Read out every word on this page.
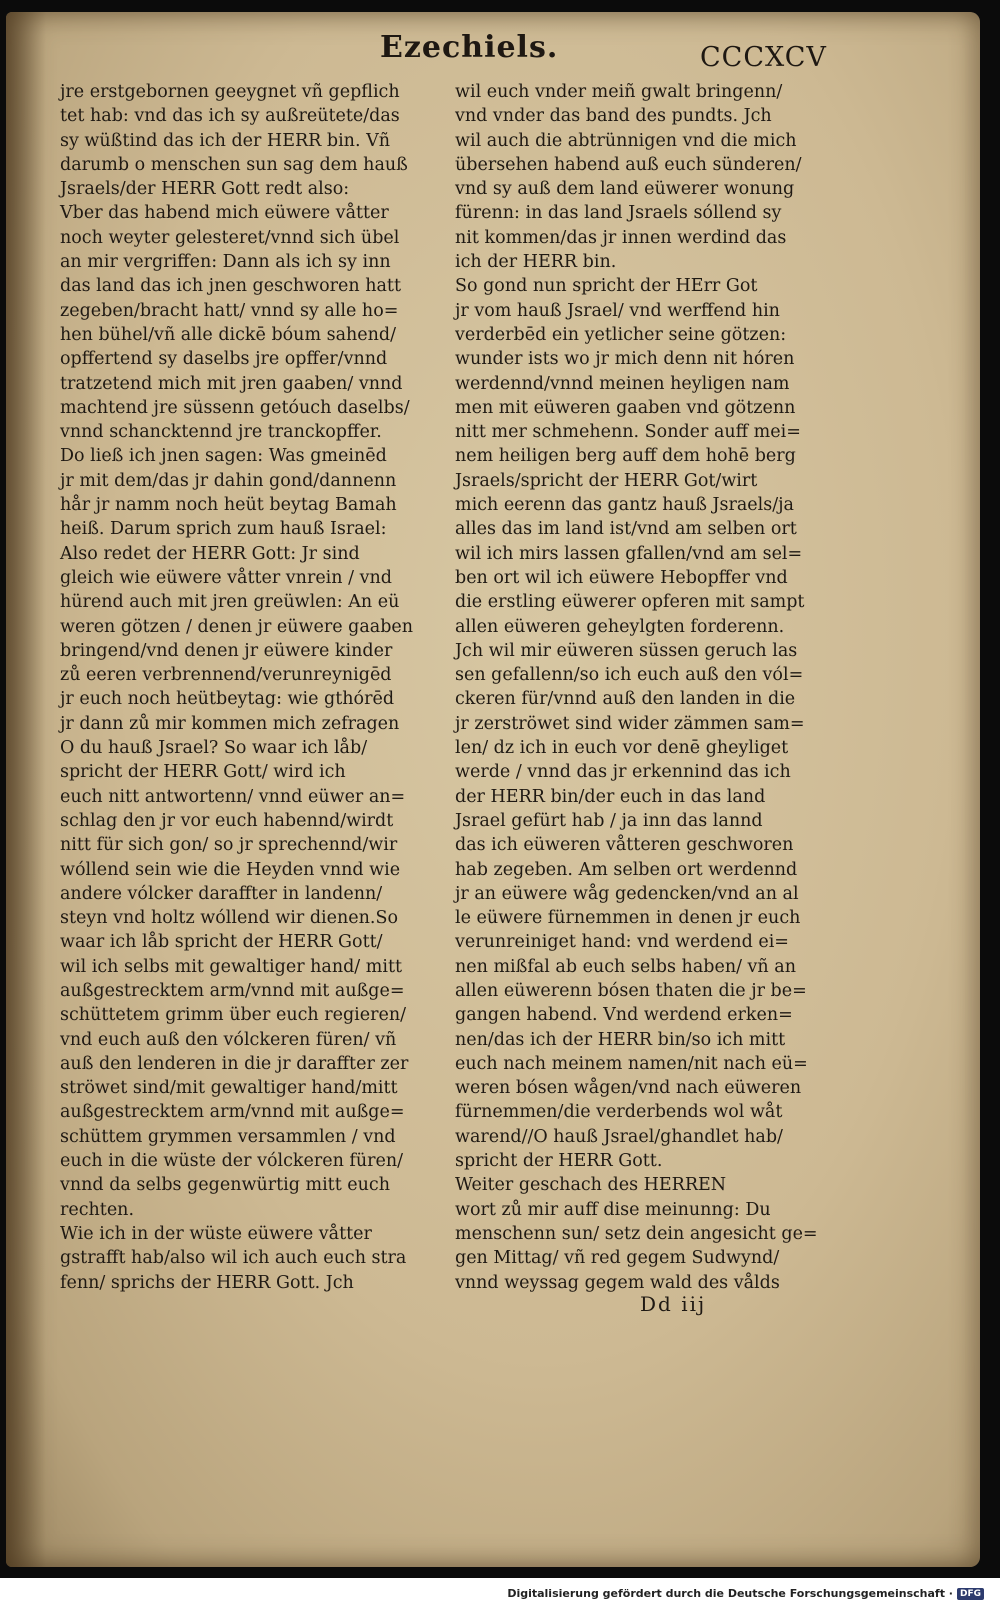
Ezechiels.	CCCXCV
jre erstgebornen geeygnet vñ gepflich
tet hab: vnd das ich sy außreütete/das
sy wüßtind das ich der HERR bin. Vñ
darumb o menschen sun sag dem hauß
Jsraels/der HERR Gott redt also:
Vber das habend mich eüwere våtter
noch weyter gelesteret/vnnd sich übel
an mir vergriffen: Dann als ich sy inn
das land das ich jnen geschworen hatt
zegeben/bracht hatt/ vnnd sy alle ho=
hen bühel/vñ alle dickē bóum sahend/
opffertend sy daselbs jre opffer/vnnd
tratzetend mich mit jren gaaben/ vnnd
machtend jre süssenn getóuch daselbs/
vnnd schancktennd jre tranckopffer.
Do ließ ich jnen sagen: Was gmeinēd
jr mit dem/das jr dahin gond/dannenn
hår jr namm noch heüt beytag Bamah
heiß. Darum sprich zum hauß Israel:
Also redet der HERR Gott: Jr sind
gleich wie eüwere våtter vnrein / vnd
hürend auch mit jren greüwlen: An eü
weren götzen / denen jr eüwere gaaben
bringend/vnd denen jr eüwere kinder
zů eeren verbrennend/verunreynigēd
jr euch noch heütbeytag: wie gthórēd
jr dann zů mir kommen mich zefragen
O du hauß Jsrael? So waar ich låb/
spricht der HERR Gott/ wird ich
euch nitt antwortenn/ vnnd eüwer an=
schlag den jr vor euch habennd/wirdt
nitt für sich gon/ so jr sprechennd/wir
wóllend sein wie die Heyden vnnd wie
andere vólcker daraffter in landenn/
steyn vnd holtz wóllend wir dienen.So
waar ich låb spricht der HERR Gott/
wil ich selbs mit gewaltiger hand/ mitt
außgestrecktem arm/vnnd mit außge=
schüttetem grimm über euch regieren/
vnd euch auß den vólckeren füren/ vñ
auß den lenderen in die jr daraffter zer
ströwet sind/mit gewaltiger hand/mitt
außgestrecktem arm/vnnd mit außge=
schüttem grymmen versammlen / vnd
euch in die wüste der vólckeren füren/
vnnd da selbs gegenwürtig mitt euch
rechten.
Wie ich in der wüste eüwere våtter
gstrafft hab/also wil ich auch euch stra
fenn/ sprichs der HERR Gott. Jch
wil euch vnder meiñ gwalt bringenn/
vnd vnder das band des pundts. Jch
wil auch die abtrünnigen vnd die mich
übersehen habend auß euch sünderen/
vnd sy auß dem land eüwerer wonung
fürenn: in das land Jsraels sóllend sy
nit kommen/das jr innen werdind das
ich der HERR bin.
So gond nun spricht der HErr Got
jr vom hauß Jsrael/ vnd werffend hin
verderbēd ein yetlicher seine götzen:
wunder ists wo jr mich denn nit hóren
werdennd/vnnd meinen heyligen nam
men mit eüweren gaaben vnd götzenn
nitt mer schmehenn. Sonder auff mei=
nem heiligen berg auff dem hohē berg
Jsraels/spricht der HERR Got/wirt
mich eerenn das gantz hauß Jsraels/ja
alles das im land ist/vnd am selben ort
wil ich mirs lassen gfallen/vnd am sel=
ben ort wil ich eüwere Hebopffer vnd
die erstling eüwerer opferen mit sampt
allen eüweren geheylgten forderenn.
Jch wil mir eüweren süssen geruch las
sen gefallenn/so ich euch auß den vól=
ckeren für/vnnd auß den landen in die
jr zerströwet sind wider zämmen sam=
len/ dz ich in euch vor denē gheyliget
werde / vnnd das jr erkennind das ich
der HERR bin/der euch in das land
Jsrael gefürt hab / ja inn das lannd
das ich eüweren våtteren geschworen
hab zegeben. Am selben ort werdennd
jr an eüwere wåg gedencken/vnd an al
le eüwere fürnemmen in denen jr euch
verunreiniget hand: vnd werdend ei=
nen mißfal ab euch selbs haben/ vñ an
allen eüwerenn bósen thaten die jr be=
gangen habend. Vnd werdend erken=
nen/das ich der HERR bin/so ich mitt
euch nach meinem namen/nit nach eü=
weren bósen wågen/vnd nach eüweren
fürnemmen/die verderbends wol wåt
warend//O hauß Jsrael/ghandlet hab/
spricht der HERR Gott.
Weiter geschach des HERREN
wort zů mir auff dise meinunng: Du
menschenn sun/ setz dein angesicht ge=
gen Mittag/ vñ red gegem Sudwynd/
vnnd weyssag gegem wald des vålds
Dd iij
Digitalisierung gefördert durch die Deutsche Forschungsgemeinschaft · DFG
